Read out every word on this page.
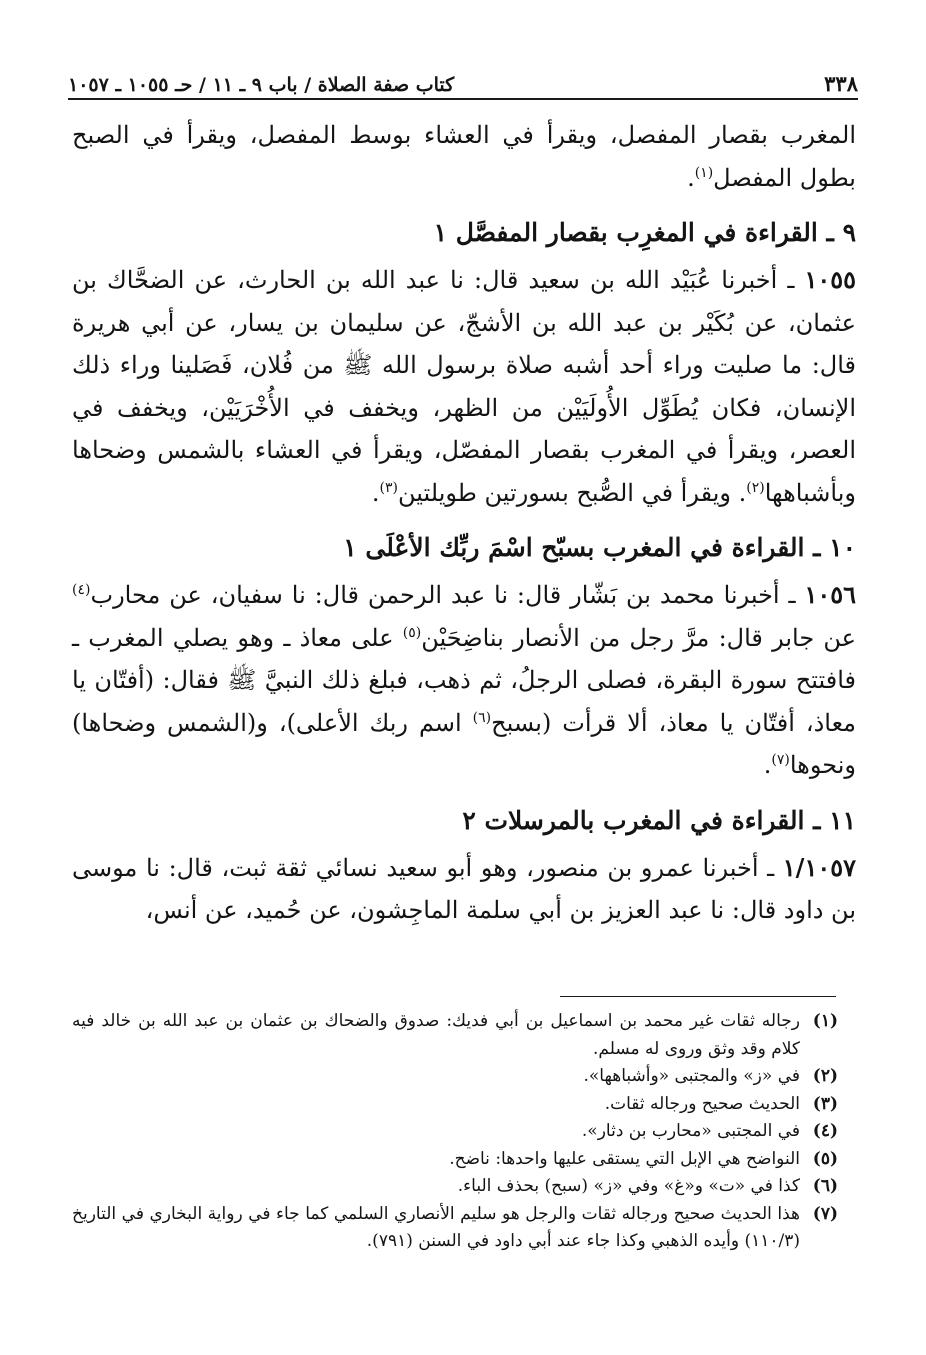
٣٣٨
كتاب صفة الصلاة / باب ٩ ـ ١١ / حـ ١٠٥٥ ـ ١٠٥٧

المغرب بقصار المفصل، ويقرأ في العشاء بوسط المفصل، ويقرأ في الصبح بطول المفصل$^{(١)}$.

٩ ـ القراءة في المغرِب بقصار المفصَّل ١

١٠٥٥ ـ أخبرنا عُبَيْد الله بن سعيد قال: نا عبد الله بن الحارث، عن الضحَّاك بن عثمان، عن بُكَيْر بن عبد الله بن الأشجّ، عن سليمان بن يسار، عن أبي هريرة قال: ما صليت وراء أحد أشبه صلاة برسول الله ﷺ من فُلان، فَصَلينا وراء ذلك الإنسان، فكان يُطَوِّل الأُولَيَيْن من الظهر، ويخفف في الأُخْرَيَيْن، ويخفف في العصر، ويقرأ في المغرب بقصار المفصّل، ويقرأ في العشاء بالشمس وضحاها وبأشباهها$^{(٢)}$. ويقرأ في الصُّبح بسورتين طويلتين$^{(٣)}$.

١٠ ـ القراءة في المغرب بسبّح اسْمَ ربِّك الأعْلَى ١

١٠٥٦ ـ أخبرنا محمد بن بَشّار قال: نا عبد الرحمن قال: نا سفيان، عن محارب$^{(٤)}$ عن جابر قال: مرَّ رجل من الأنصار بناضِحَيْن$^{(٥)}$ على معاذ ـ وهو يصلي المغرب ـ فافتتح سورة البقرة، فصلى الرجلُ، ثم ذهب، فبلغ ذلك النبيَّ ﷺ فقال: (أفتّان يا معاذ، أفتّان يا معاذ، ألا قرأت (بسبح$^{(٦)}$ اسم ربك الأعلى)، و(الشمس وضحاها) ونحوها$^{(٧)}$.

١١ ـ القراءة في المغرب بالمرسلات ٢

١/١٠٥٧ ـ أخبرنا عمرو بن منصور، وهو أبو سعيد نسائي ثقة ثبت، قال: نا موسى بن داود قال: نا عبد العزيز بن أبي سلمة الماجِشون، عن حُميد، عن أنس،

(١)
رجاله ثقات غير محمد بن اسماعيل بن أبي فديك: صدوق والضحاك بن عثمان بن عبد الله بن خالد فيه كلام وقد وثق وروى له مسلم.
(٢)
في «ز» والمجتبى «وأشباهها».
(٣)
الحديث صحيح ورجاله ثقات.
(٤)
في المجتبى «محارب بن دثار».
(٥)
النواضح هي الإبل التي يستقى عليها واحدها: ناضح.
(٦)
كذا في «ت» و«غ» وفي «ز» (سبح) بحذف الباء.
(٧)
هذا الحديث صحيح ورجاله ثقات والرجل هو سليم الأنصاري السلمي كما جاء في رواية البخاري في التاريخ (١١٠/٣) وأيده الذهبي وكذا جاء عند أبي داود في السنن (٧٩١).
